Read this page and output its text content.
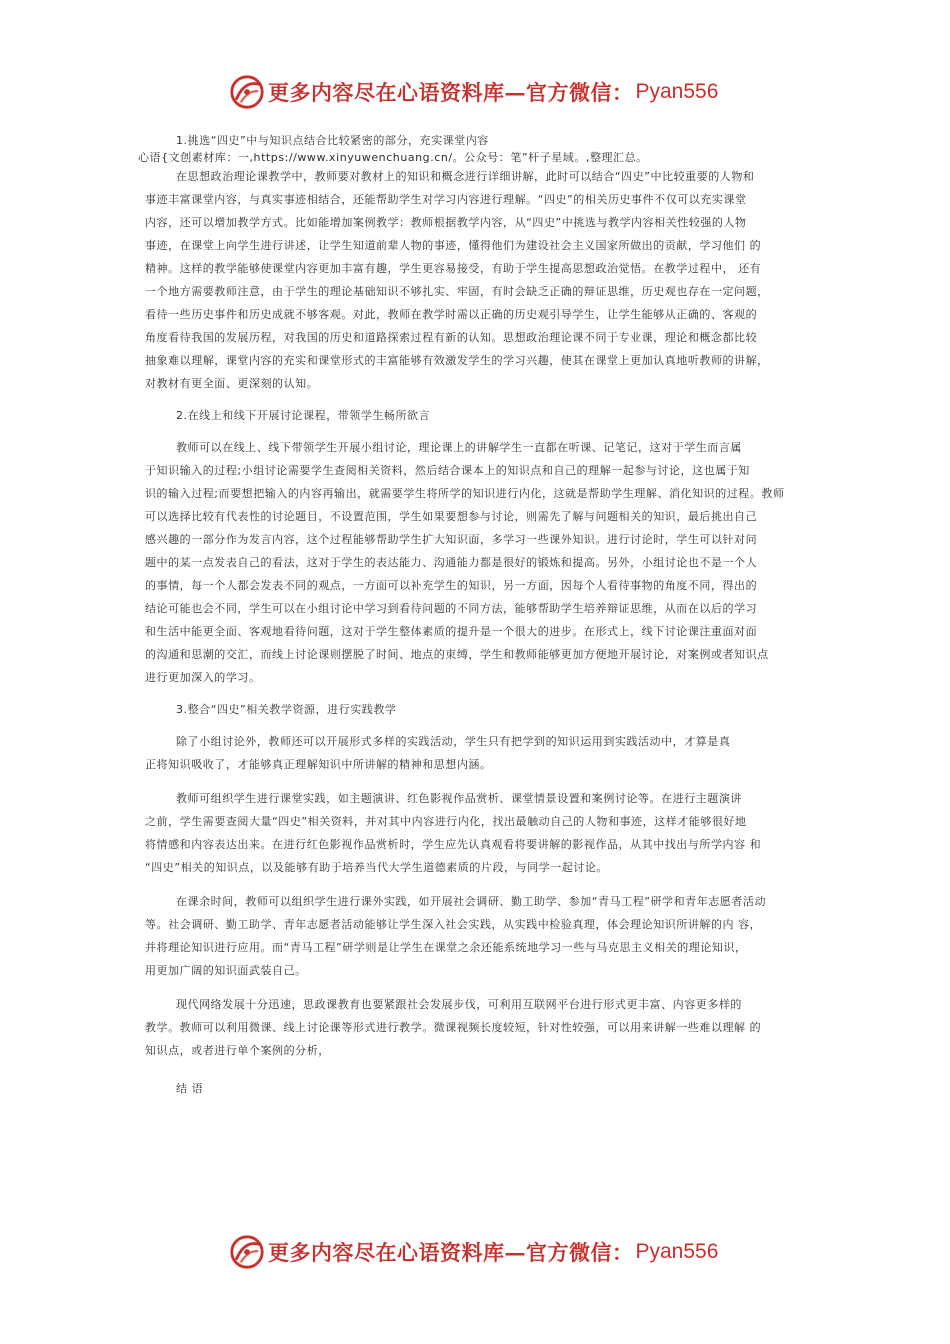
更多内容尽在心语资料库—官方微信： Pyan556
1.挑选“四史”中与知识点结合比较紧密的部分，充实课堂内容
心语{文创素材库：一,https://www.xinyuwenchuang.cn/。公众号：笔”杆子星域。,整理汇总。
在思想政治理论课教学中，教师要对教材上的知识和概念进行详细讲解，此时可以结合“四史”中比较重要的人物和
事迹丰富课堂内容，与真实事迹相结合，还能帮助学生对学习内容进行理解。“四史”的相关历史事件不仅可以充实课堂
内容，还可以增加教学方式。比如能增加案例教学：教师根据教学内容，从“四史”中挑选与教学内容相关性较强的人物
事迹，在课堂上向学生进行讲述，让学生知道前辈人物的事迹，懂得他们为建设社会主义国家所做出的贡献，学习他们 的
精神。这样的教学能够使课堂内容更加丰富有趣，学生更容易接受，有助于学生提高思想政治觉悟。在教学过程中， 还有
一个地方需要教师注意，由于学生的理论基础知识不够扎实、牢固，有时会缺乏正确的辩证思维，历史观也存在一定问题，
看待一些历史事件和历史成就不够客观。对此，教师在教学时需以正确的历史观引导学生，让学生能够从正确的、客观的
角度看待我国的发展历程，对我国的历史和道路探索过程有新的认知。思想政治理论课不同于专业课，理论和概念都比较
抽象难以理解，课堂内容的充实和课堂形式的丰富能够有效激发学生的学习兴趣，使其在课堂上更加认真地听教师的讲解，
对教材有更全面、更深刻的认知。
2.在线上和线下开展讨论课程，带领学生畅所欲言
教师可以在线上、线下带领学生开展小组讨论，理论课上的讲解学生一直都在听课、记笔记，这对于学生而言属
于知识输入的过程;小组讨论需要学生查阅相关资料，然后结合课本上的知识点和自己的理解一起参与讨论，这也属于知
识的输入过程;而要想把输入的内容再输出，就需要学生将所学的知识进行内化，这就是帮助学生理解、消化知识的过程。教师
可以选择比较有代表性的讨论题目，不设置范围，学生如果要想参与讨论，则需先了解与问题相关的知识，最后挑出自己
感兴趣的一部分作为发言内容，这个过程能够帮助学生扩大知识面，多学习一些课外知识。进行讨论时，学生可以针对问
题中的某一点发表自己的看法，这对于学生的表达能力、沟通能力都是很好的锻炼和提高。另外，小组讨论也不是一个人
的事情，每一个人都会发表不同的观点，一方面可以补充学生的知识，另一方面，因每个人看待事物的角度不同，得出的
结论可能也会不同，学生可以在小组讨论中学习到看待问题的不同方法，能够帮助学生培养辩证思维，从而在以后的学习
和生活中能更全面、客观地看待问题，这对于学生整体素质的提升是一个很大的进步。在形式上，线下讨论课注重面对面
的沟通和思潮的交汇，而线上讨论课则摆脱了时间、地点的束缚，学生和教师能够更加方便地开展讨论，对案例或者知识点
进行更加深入的学习。
3.整合“四史”相关教学资源，进行实践教学
除了小组讨论外，教师还可以开展形式多样的实践活动，学生只有把学到的知识运用到实践活动中，才算是真
正将知识吸收了，才能够真正理解知识中所讲解的精神和思想内涵。
教师可组织学生进行课堂实践，如主题演讲、红色影视作品赏析、课堂情景设置和案例讨论等。在进行主题演讲
之前，学生需要查阅大量“四史”相关资料，并对其中内容进行内化，找出最触动自己的人物和事迹，这样才能够很好地
将情感和内容表达出来。在进行红色影视作品赏析时，学生应先认真观看将要讲解的影视作品，从其中找出与所学内容 和
“四史”相关的知识点，以及能够有助于培养当代大学生道德素质的片段，与同学一起讨论。
在课余时间，教师可以组织学生进行课外实践，如开展社会调研、勤工助学、参加“青马工程”研学和青年志愿者活动
等。社会调研、勤工助学、青年志愿者活动能够让学生深入社会实践，从实践中检验真理，体会理论知识所讲解的内 容，
并将理论知识进行应用。而“青马工程”研学则是让学生在课堂之余还能系统地学习一些与马克思主义相关的理论知识，
用更加广阔的知识面武装自己。
现代网络发展十分迅速，思政课教育也要紧跟社会发展步伐，可利用互联网平台进行形式更丰富、内容更多样的
教学。教师可以利用微课、线上讨论课等形式进行教学。微课视频长度较短，针对性较强，可以用来讲解一些难以理解 的
知识点，或者进行单个案例的分析，
结 语
更多内容尽在心语资料库—官方微信： Pyan556
